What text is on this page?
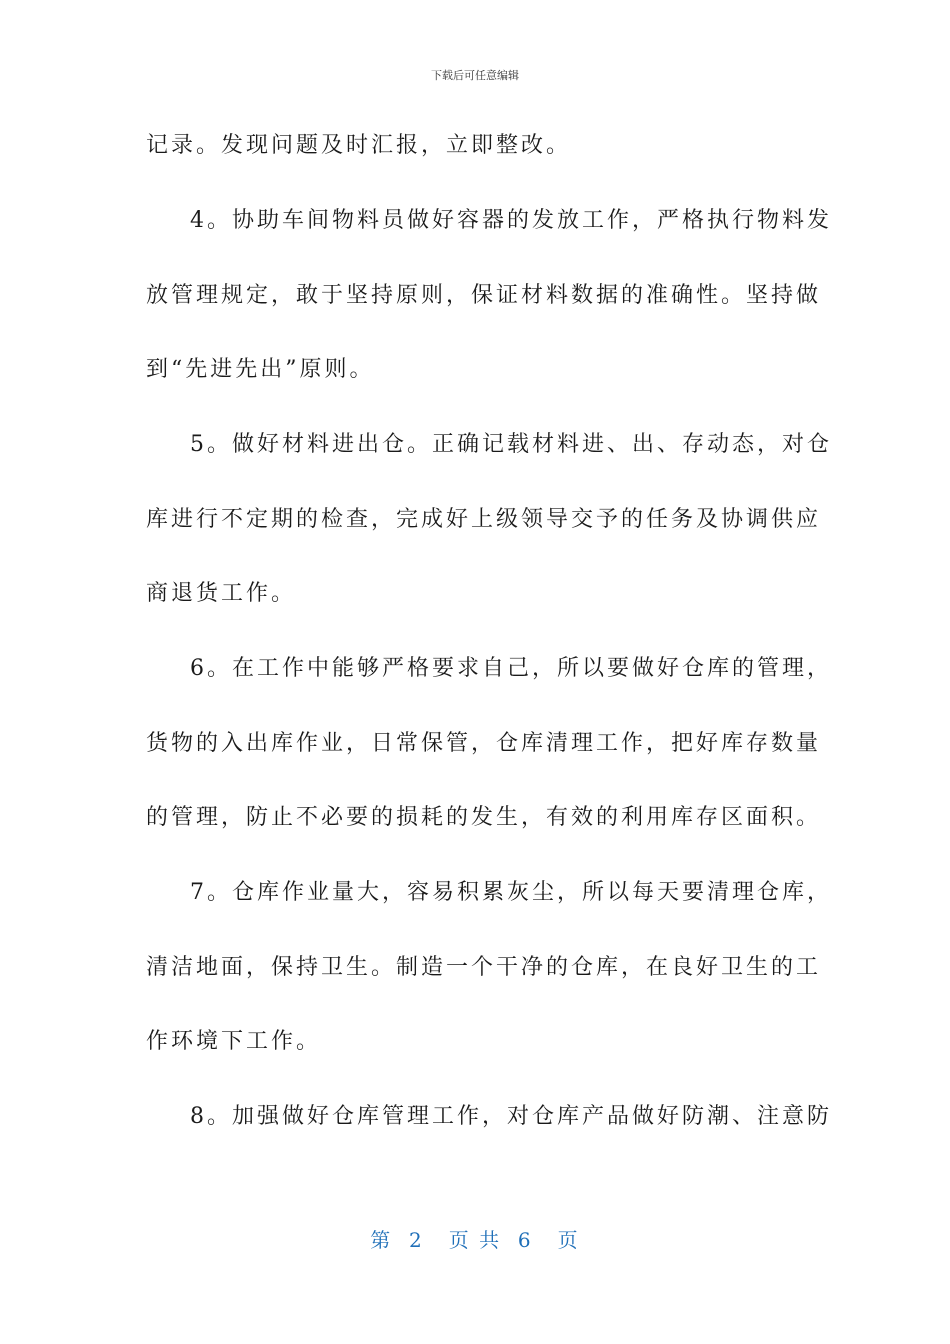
下载后可任意编辑
记录。发现问题及时汇报，立即整改。
4。协助车间物料员做好容器的发放工作，严格执行物料发
放管理规定，敢于坚持原则，保证材料数据的准确性。坚持做
到“先进先出”原则。
5。做好材料进出仓。正确记载材料进、出、存动态，对仓
库进行不定期的检查，完成好上级领导交予的任务及协调供应
商退货工作。
6。在工作中能够严格要求自己，所以要做好仓库的管理，
货物的入出库作业，日常保管，仓库清理工作，把好库存数量
的管理，防止不必要的损耗的发生，有效的利用库存区面积。
7。仓库作业量大，容易积累灰尘，所以每天要清理仓库，
清洁地面，保持卫生。制造一个干净的仓库，在良好卫生的工
作环境下工作。
8。加强做好仓库管理工作，对仓库产品做好防潮、注意防
第  2   页 共  6   页
